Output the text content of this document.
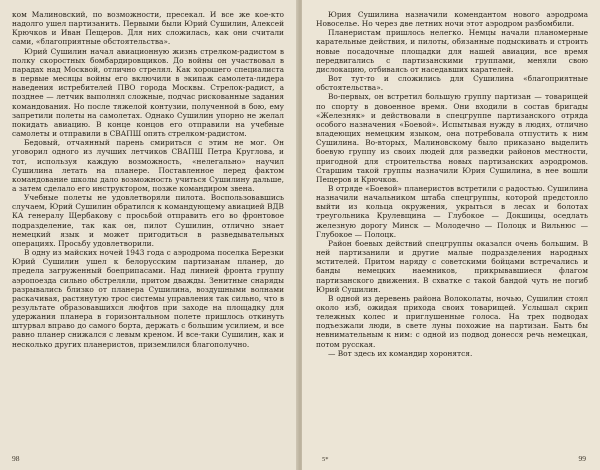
ком Малиновский, по возможности, пресекал. И все же кое-кто надолго ушел партизанить. Первыми были Юрий Сушилин, Алексей Крючков и Иван Пещеров. Для них сложилась, как они считали сами, «благоприятные обстоятельства».

Юрий Сушилин начал авиационную жизнь стрелком-радистом в полку скоростных бомбардировщиков. До войны он участвовал в парадах над Москвой, отлично стрелял. Как хорошего специалиста в первые месяцы войны его включили в экипаж самолета-лидера наведения истребителей ПВО города Москвы. Стрелок-радист, а позднее — летчик выполнял сложные, подчас рискованные задания командования. Но после тяжелой контузии, полученной в бою, ему запретили полеты на самолетах. Однако Сушилин упорно не желал покидать авиацию. В конце концов его отправили на учебные самолеты и отправили в СВАПШ опять стрелком-радистом.

Бедовый, отчаянный парень смириться с этим не мог. Он уговорил одного из лучших летчиков СВАПШ Петра Круглова, и тот, используя каждую возможность, «нелегально» научил Сушилина летать на планере. Поставленное перед фактом командование школы дало возможность учиться Сушилину дальше, а затем сделало его инструктором, позже командиром звена.

Учебные полеты не удовлетворяли пилота. Воспользовавшись случаем, Юрий Сушилин обратился к командующему авиацией ВДВ КА генералу Щербакову с просьбой отправить его во фронтовое подразделение, так как он, пилот Сушилин, отлично знает немецкий язык и может пригодиться в разведывательных операциях. Просьбу удовлетворили.

В одну из майских ночей 1943 года с аэродрома поселка Березки Юрий Сушилин ушел к белорусским партизанам планер, до предела загруженный боеприпасами. Над линией фронта группу аэропоезда сильно обстреляли, притом дважды. Зенитные снаряды разрывались близко от планера Сушилина, воздушными волнами раскачивая, растянутую трос системы управления так сильно, что в результате образовавшихся люфтов при заходе на площадку для удержания планера в горизонтальном полете пришлось откинуть штурвал вправо до самого борта, держать с большим усилием, и все равно планер снижался с левым креном. И все-таки Сушилин, как и несколько других планеристов, приземлился благополучно.

98

Юрия Сушилина назначили комендантом нового аэродрома Новоселье. Но через две летних ночи этот аэродром разбомбили.

Планеристам пришлось нелегко. Немцы начали планомерные карательные действия, и пилоты, обязанные подыскивать и строить новые посадочные площадки для нашей авиации, все время передвигались с партизанскими группами, меняли свою дислокацию, отбиваясь от наседавших карателей.

Вот тут-то и сложились для Сушилина «благоприятные обстоятельства».

Во-первых, он встретил большую группу партизан — товарищей по спорту в довоенное время. Они входили в состав бригады «Железняк» и действовали в спецгруппе партизанского отряда особого назначения «Боевой». Испытывая нужду в людях, отлично владеющих немецким языком, она потребовала отпустить к ним Сушилина. Во-вторых, Малиновскому было приказано выделить боевую группу из своих людей для разведки районов местности, пригодной для строительства новых партизанских аэродромов. Старшим такой группы назначили Юрия Сушилина, в нее вошли Пещеров и Крючков.

В отряде «Боевой» планеристов встретили с радостью. Сушилина назначили начальником штаба спецгруппы, которой предстояло выйти из кольца окружения, укрыться в лесах и болотах треугольника Крулевщина — Глубокое — Докшицы, оседлать железную дорогу Минск — Молодечно — Полоцк и Вильнюс — Глубокое — Полоцк.

Район боевых действий спецгруппы оказался очень большим. В ней партизанили и другие малые подразделения народных мстителей. Притом наряду с советскими бойцами встречались и банды немецких наемников, прикрывавшиеся флагом партизанского движения. В схватке с такой бандой чуть не погиб Юрий Сушилин.

В одной из деревень района Волоколаты, ночью, Сушилин стоял около изб, ожидая прихода своих товарищей. Услышал скрип тележных колес и приглушенные голоса. На трех подводах подъезжали люди, в свете луны похожие на партизан. Быть бы невнимательным к ним: с одной из подвод донесся речь немецкая, потом русская.

— Вот здесь их командир хоронятся.

5*	99
